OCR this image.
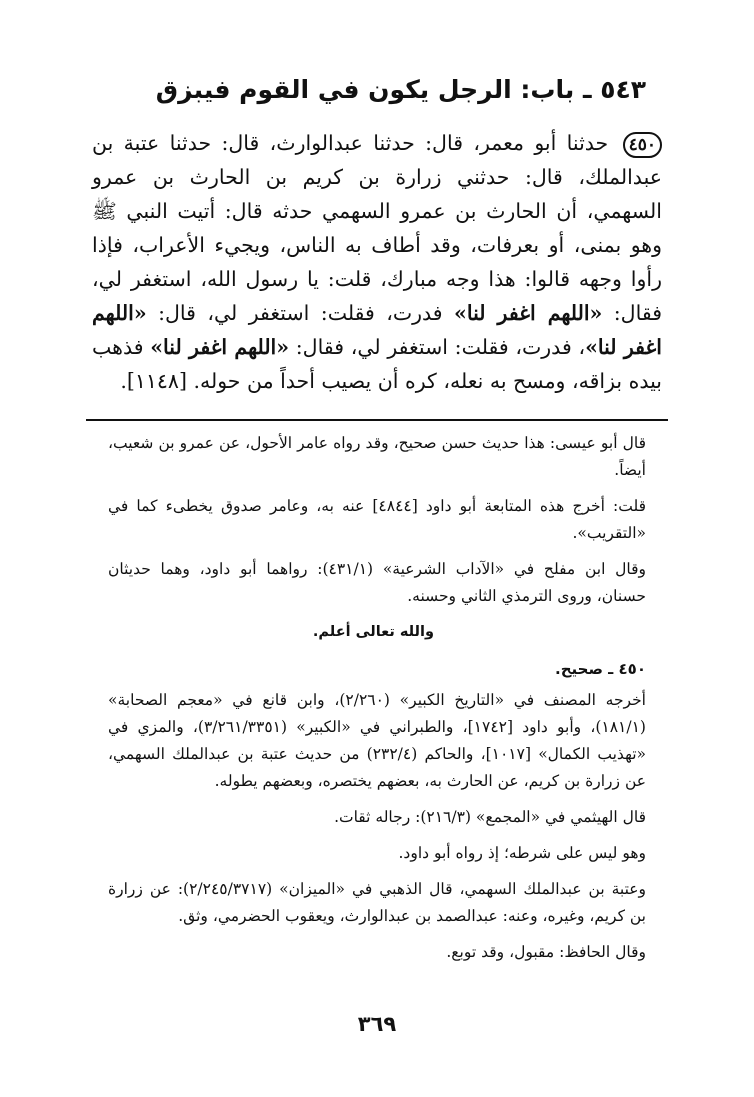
٥٤٣ ـ باب: الرجل يكون في القوم فيبزق
٤٥٠ حدثنا أبو معمر، قال: حدثنا عبدالوارث، قال: حدثنا عتبة بن عبدالملك، قال: حدثني زرارة بن كريم بن الحارث بن عمرو السهمي، أن الحارث بن عمرو السهمي حدثه قال: أتيت النبي ﷺ وهو بمنى، أو بعرفات، وقد أطاف به الناس، ويجيء الأعراب، فإذا رأوا وجهه قالوا: هذا وجه مبارك، قلت: يا رسول الله، استغفر لي، فقال: «اللهم اغفر لنا» فدرت، فقلت: استغفر لي، قال: «اللهم اغفر لنا»، فدرت، فقلت: استغفر لي، فقال: «اللهم اغفر لنا» فذهب بيده بزاقه، ومسح به نعله، كره أن يصيب أحداً من حوله. [١١٤٨].

قال أبو عيسى: هذا حديث حسن صحيح، وقد رواه عامر الأحول، عن عمرو بن شعيب، أيضاً.

قلت: أخرج هذه المتابعة أبو داود [٤٨٤٤] عنه به، وعامر صدوق يخطىء كما في «التقريب».

وقال ابن مفلح في «الآداب الشرعية» (٤٣١/١): رواهما أبو داود، وهما حديثان حسنان، وروى الترمذي الثاني وحسنه.

والله تعالى أعلم.

٤٥٠ ـ صحيح.

أخرجه المصنف في «التاريخ الكبير» (٢/٢٦٠)، وابن قانع في «معجم الصحابة» (١٨١/١)، وأبو داود [١٧٤٢]، والطبراني في «الكبير» (٣/٢٦١/٣٣٥١)، والمزي في «تهذيب الكمال» [١٠١٧]، والحاكم (٢٣٢/٤) من حديث عتبة بن عبدالملك السهمي، عن زرارة بن كريم، عن الحارث به، بعضهم يختصره، وبعضهم يطوله.

قال الهيثمي في «المجمع» (٢١٦/٣): رجاله ثقات.

وهو ليس على شرطه؛ إذ رواه أبو داود.

وعتبة بن عبدالملك السهمي، قال الذهبي في «الميزان» (٢/٢٤٥/٣٧١٧): عن زرارة بن كريم، وغيره، وعنه: عبدالصمد بن عبدالوارث، ويعقوب الحضرمي، وثق.

وقال الحافظ: مقبول، وقد توبع.

٣٦٩
